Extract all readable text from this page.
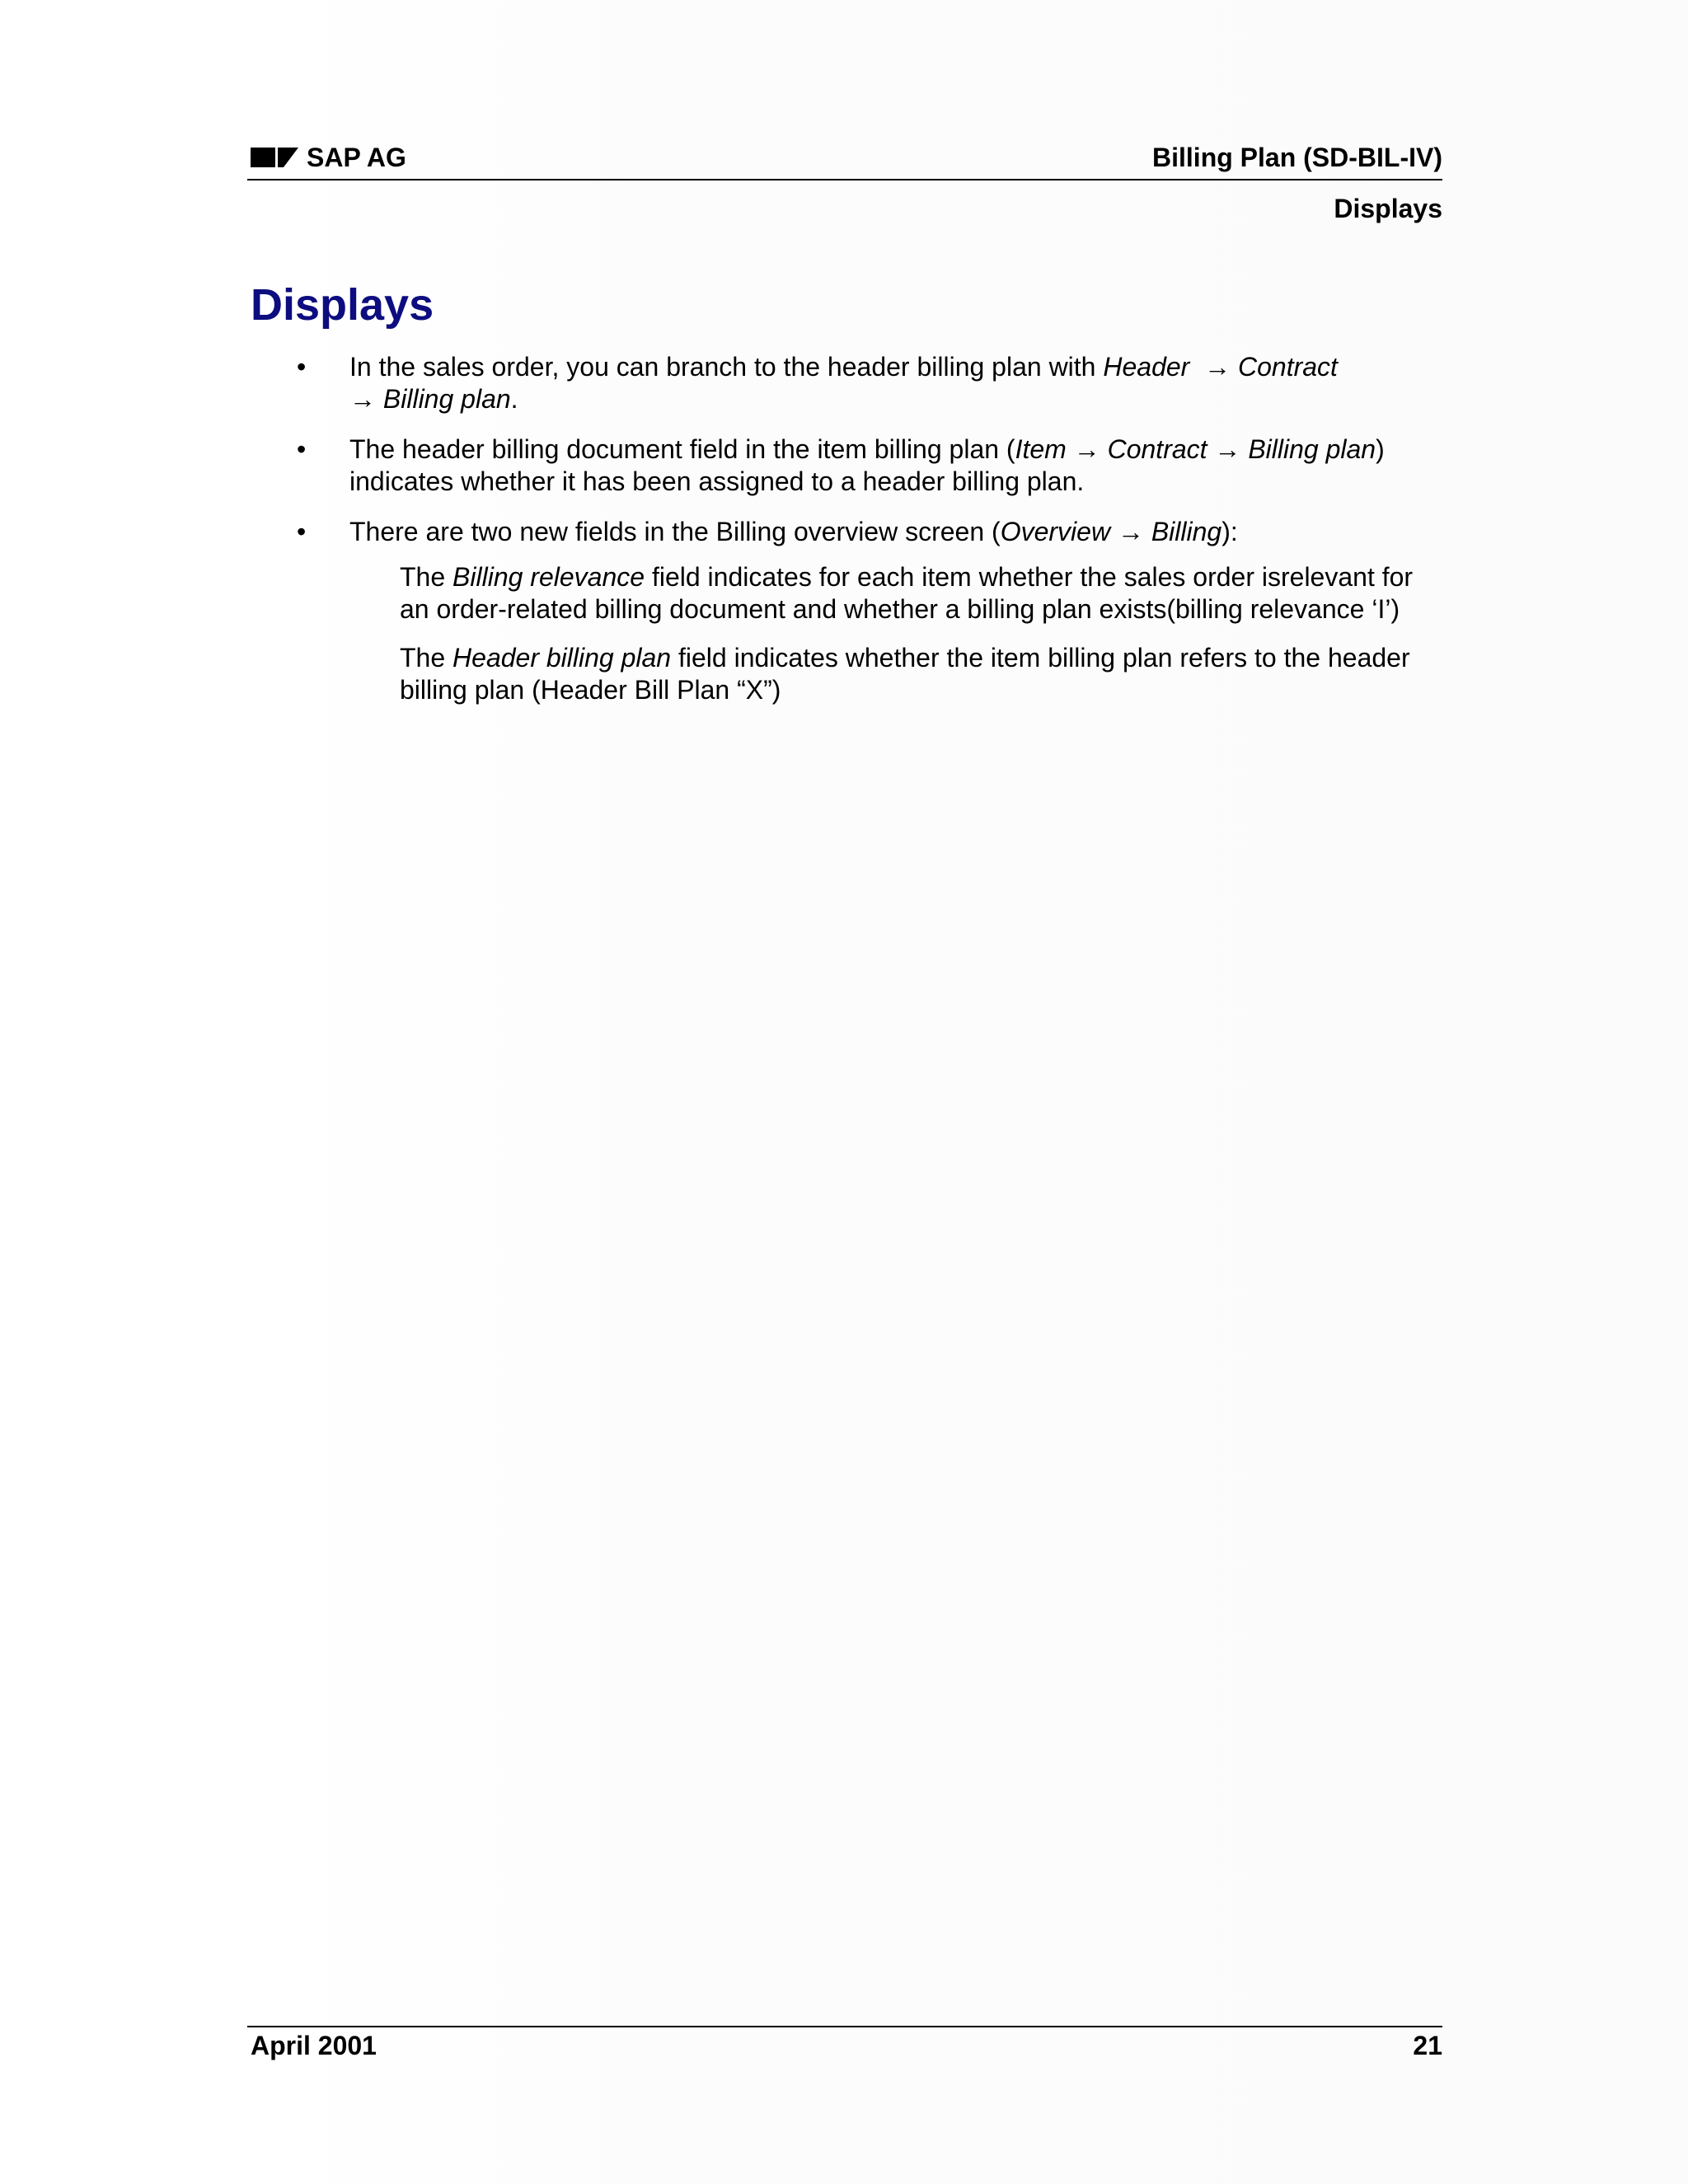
SAP AG	Billing Plan (SD-BIL-IV)
Displays
Displays
• In the sales order, you can branch to the header billing plan with Header → Contract
→ Billing plan.
• The header billing document field in the item billing plan (Item → Contract → Billing plan) indicates whether it has been assigned to a header billing plan.
• There are two new fields in the Billing overview screen (Overview → Billing):

The Billing relevance field indicates for each item whether the sales order isrelevant for an order-related billing document and whether a billing plan exists(billing relevance ‘I’)

The Header billing plan field indicates whether the item billing plan refers to the header billing plan (Header Bill Plan “X”)

April 2001	21
